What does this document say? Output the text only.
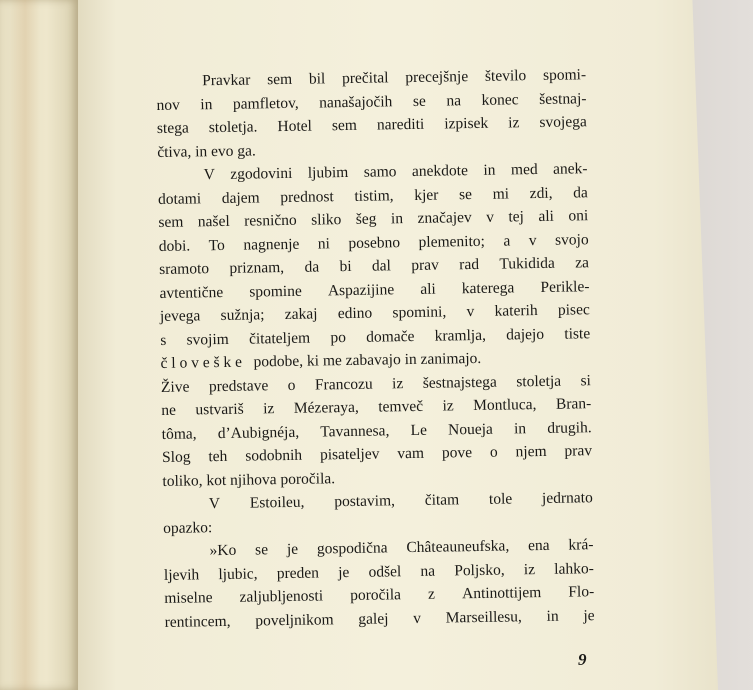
Pravkar sem bil prečital precejšnje število spomi-
nov in pamfletov, nanašajočih se na konec šestnaj-
stega stoletja. Hotel sem narediti izpisek iz svojega
čtiva, in evo ga.
V zgodovini ljubim samo anekdote in med anek-
dotami dajem prednost tistim, kjer se mi zdi, da
sem našel resnično sliko šeg in značajev v tej ali oni
dobi. To nagnenje ni posebno plemenito; a v svojo
sramoto priznam, da bi dal prav rad Tukidida za
avtentične spomine Aspazijine ali katerega Perikle-
jevega sužnja; zakaj edino spomini, v katerih pisec
s svojim čitateljem po domače kramlja, dajejo tiste
č l o v e š k e   podobe, ki me zabavajo in zanimajo.
Žive predstave o Francozu iz šestnajstega stoletja si
ne ustvariš iz Mézeraya, temveč iz Montluca, Bran-
tôma, d’Aubignéja, Tavannesa, Le Noueja in drugih.
Slog teh sodobnih pisateljev vam pove o njem prav
toliko, kot njihova poročila.
V Estoileu, postavim, čitam tole jedrnato
opazko:
»Ko se je gospodična Châteauneufska, ena krá-
ljevih ljubic, preden je odšel na Poljsko, iz lahko-
miselne zaljubljenosti poročila z Antinottijem Flo-
rentincem, poveljnikom galej v Marseillesu, in je
9
